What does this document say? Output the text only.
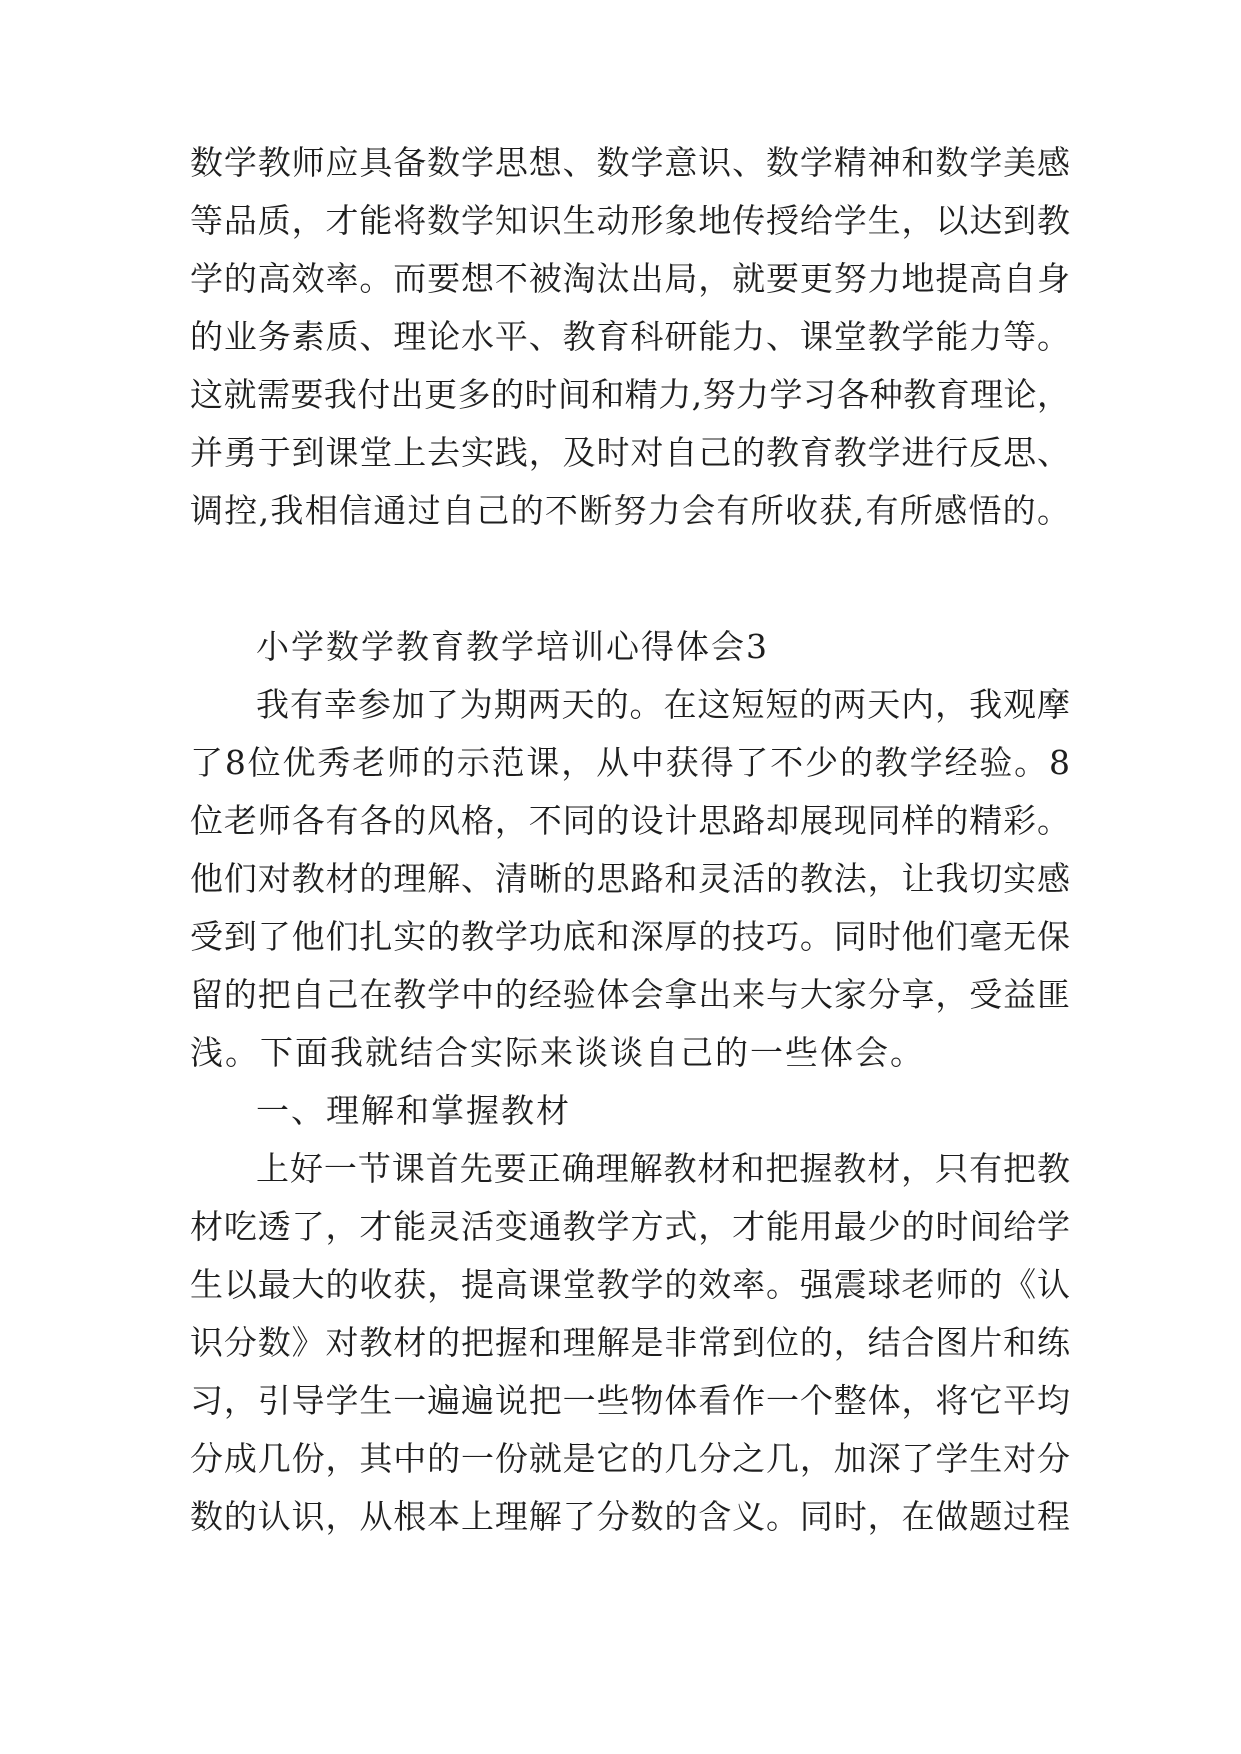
数学教师应具备数学思想、数学意识、数学精神和数学美感
等品质，才能将数学知识生动形象地传授给学生，以达到教
学的高效率。而要想不被淘汰出局，就要更努力地提高自身
的业务素质、理论水平、教育科研能力、课堂教学能力等。
这就需要我付出更多的时间和精力,努力学习各种教育理论，
并勇于到课堂上去实践，及时对自己的教育教学进行反思、
调控,我相信通过自己的不断努力会有所收获,有所感悟的。
小学数学教育教学培训心得体会3
我有幸参加了为期两天的。在这短短的两天内，我观摩
了8位优秀老师的示范课，从中获得了不少的教学经验。8
位老师各有各的风格，不同的设计思路却展现同样的精彩。
他们对教材的理解、清晰的思路和灵活的教法，让我切实感
受到了他们扎实的教学功底和深厚的技巧。同时他们毫无保
留的把自己在教学中的经验体会拿出来与大家分享，受益匪
浅。下面我就结合实际来谈谈自己的一些体会。
一、理解和掌握教材
上好一节课首先要正确理解教材和把握教材，只有把教
材吃透了，才能灵活变通教学方式，才能用最少的时间给学
生以最大的收获，提高课堂教学的效率。强震球老师的《认
识分数》对教材的把握和理解是非常到位的，结合图片和练
习，引导学生一遍遍说把一些物体看作一个整体，将它平均
分成几份，其中的一份就是它的几分之几，加深了学生对分
数的认识，从根本上理解了分数的含义。同时，在做题过程
